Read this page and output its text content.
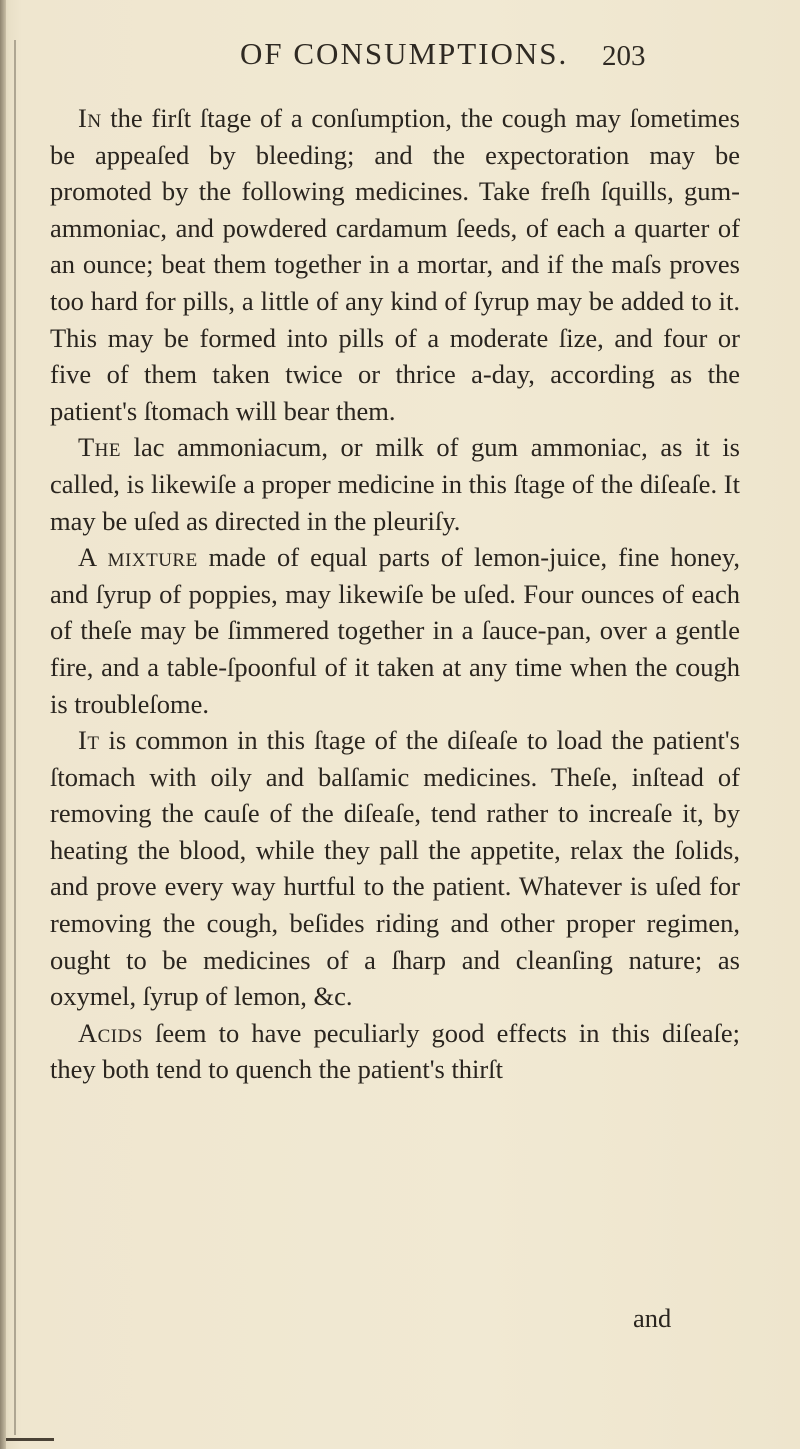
OF CONSUMPTIONS. 203

In the firſt ſtage of a conſumption, the cough may ſometimes be appeaſed by bleeding; and the expectoration may be promoted by the following medicines. Take freſh ſquills, gum-ammoniac, and powdered cardamum ſeeds, of each a quarter of an ounce; beat them together in a mortar, and if the maſs proves too hard for pills, a little of any kind of ſyrup may be added to it. This may be formed into pills of a moderate ſize, and four or five of them taken twice or thrice a-day, according as the patient's ſtomach will bear them.

The lac ammoniacum, or milk of gum ammoniac, as it is called, is likewiſe a proper medicine in this ſtage of the diſeaſe. It may be uſed as directed in the pleuriſy.

A mixture made of equal parts of lemon-juice, fine honey, and ſyrup of poppies, may likewiſe be uſed. Four ounces of each of theſe may be ſimmered together in a ſauce-pan, over a gentle fire, and a table-ſpoonful of it taken at any time when the cough is troubleſome.

It is common in this ſtage of the diſeaſe to load the patient's ſtomach with oily and balſamic medicines. Theſe, inſtead of removing the cauſe of the diſeaſe, tend rather to increaſe it, by heating the blood, while they pall the appetite, relax the ſolids, and prove every way hurtful to the patient. Whatever is uſed for removing the cough, beſides riding and other proper regimen, ought to be medicines of a ſharp and cleanſing nature; as oxymel, ſyrup of lemon, &c.

Acids ſeem to have peculiarly good effects in this diſeaſe; they both tend to quench the patient's thirſt

and
